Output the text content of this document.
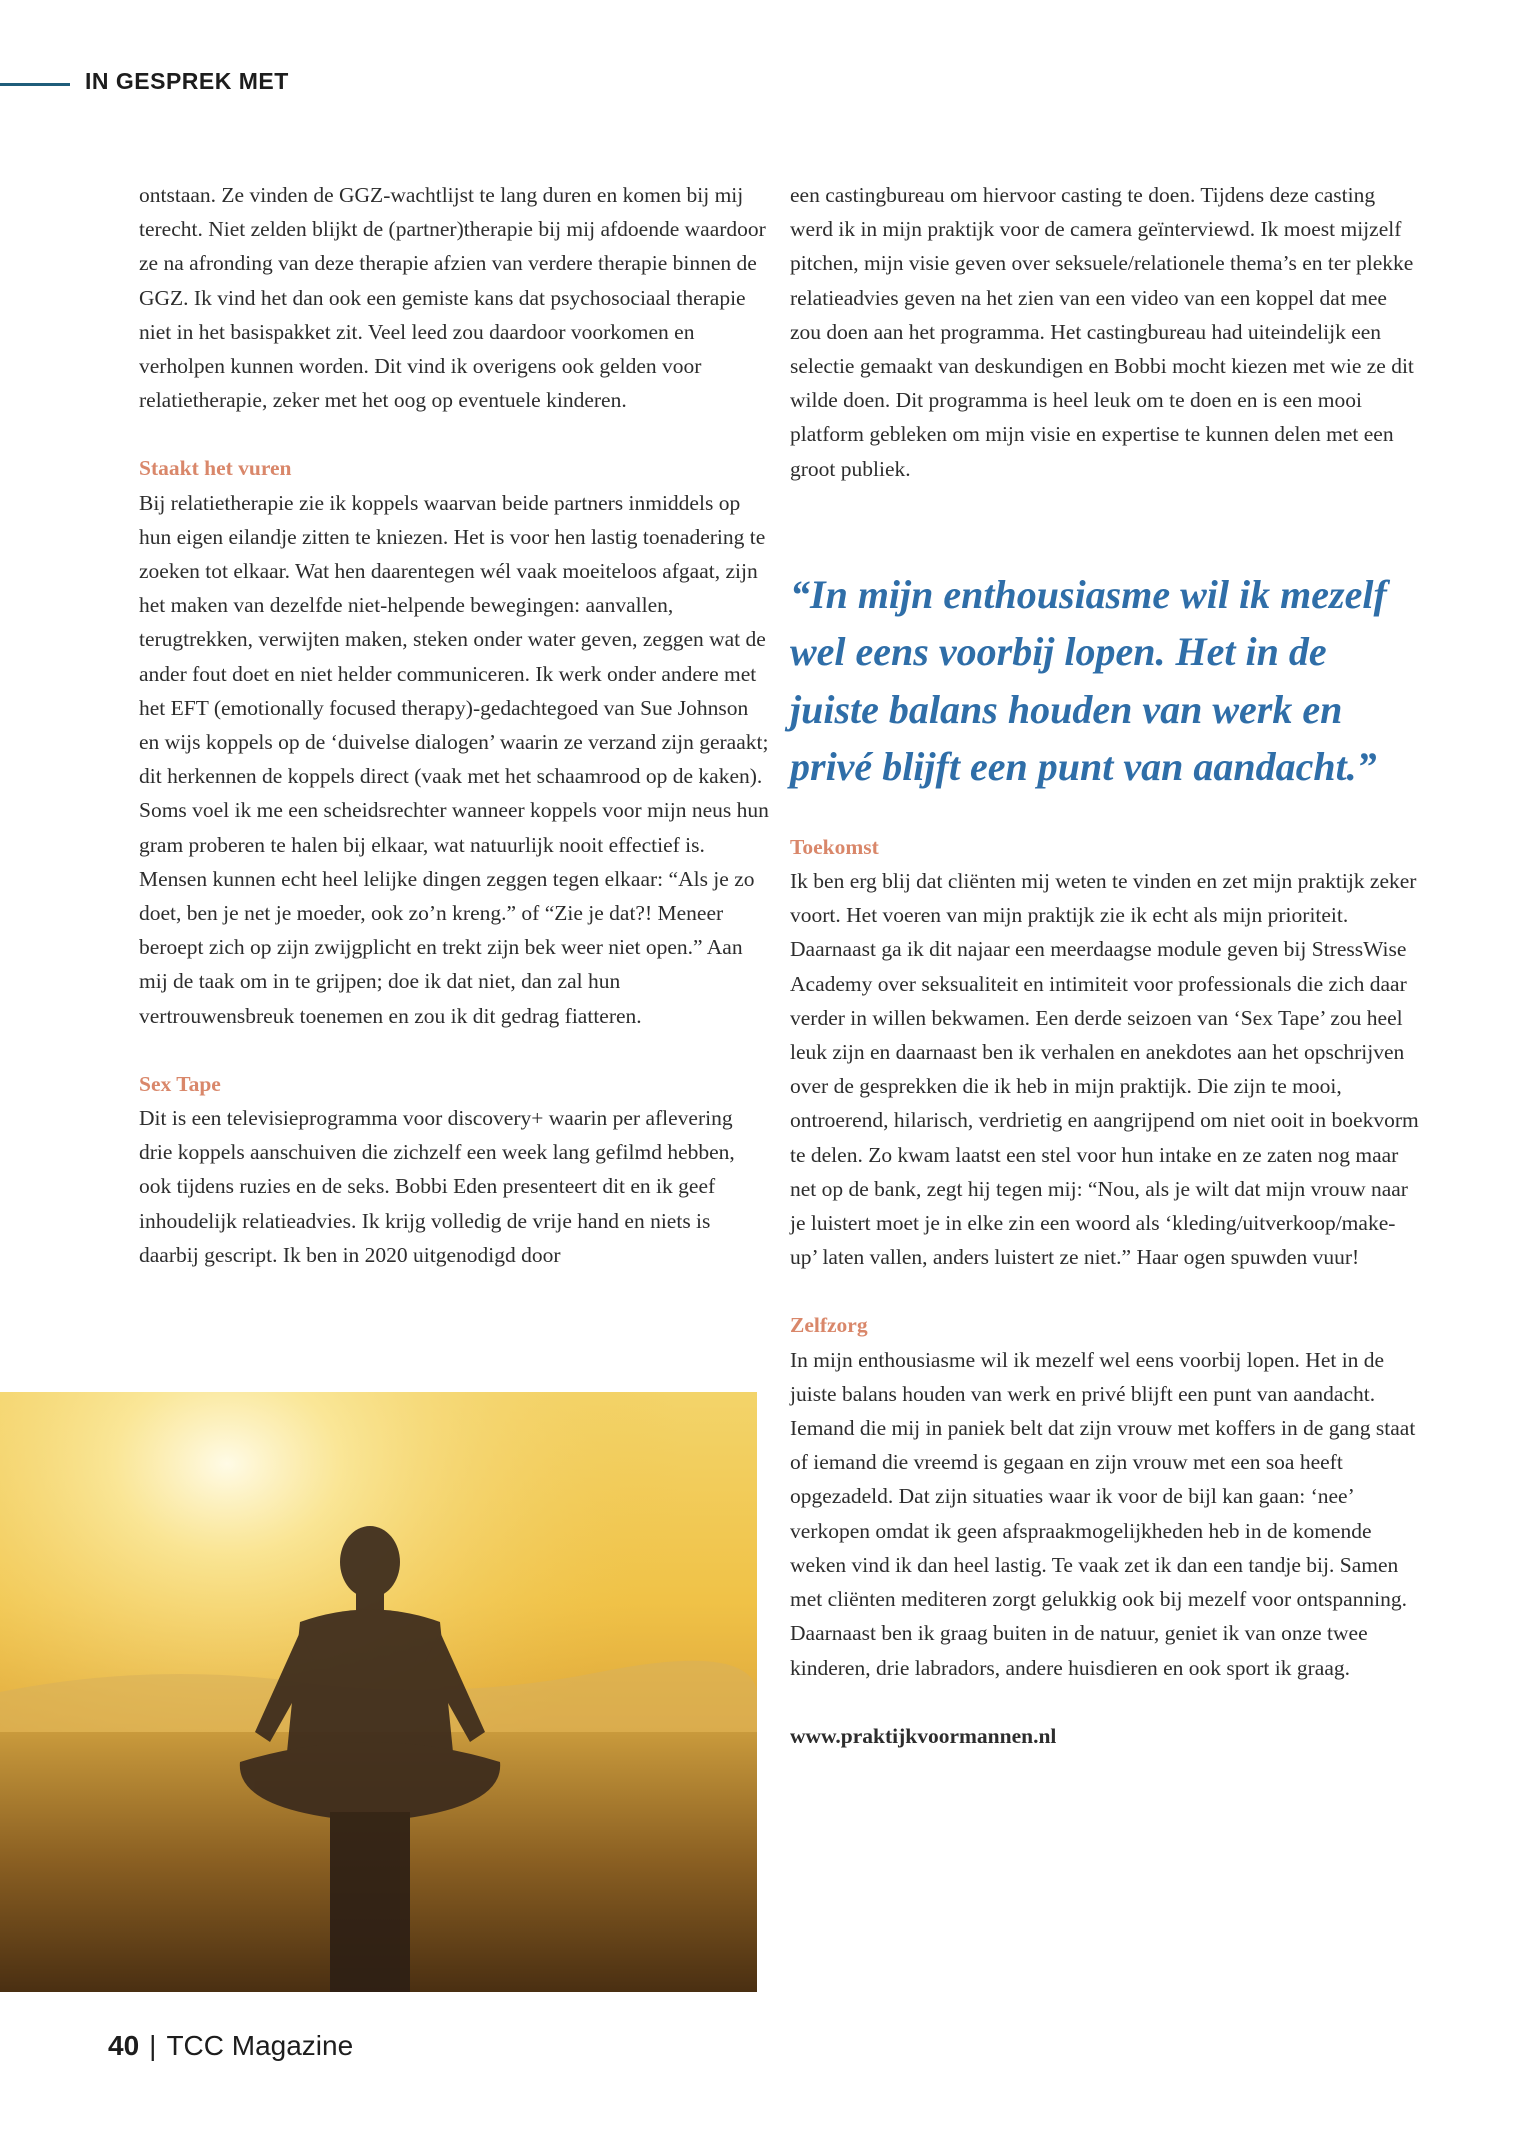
IN GESPREK MET

ontstaan. Ze vinden de GGZ-wachtlijst te lang duren en komen bij mij terecht. Niet zelden blijkt de (partner)therapie bij mij afdoende waardoor ze na afronding van deze therapie afzien van verdere therapie binnen de GGZ. Ik vind het dan ook een gemiste kans dat psychosociaal therapie niet in het basispakket zit. Veel leed zou daardoor voorkomen en verholpen kunnen worden. Dit vind ik overigens ook gelden voor relatietherapie, zeker met het oog op eventuele kinderen.

Staakt het vuren

Bij relatietherapie zie ik koppels waarvan beide partners inmiddels op hun eigen eilandje zitten te kniezen. Het is voor hen lastig toenadering te zoeken tot elkaar. Wat hen daarentegen wél vaak moeiteloos afgaat, zijn het maken van dezelfde niet-helpende bewegingen: aanvallen, terugtrekken, verwijten maken, steken onder water geven, zeggen wat de ander fout doet en niet helder communiceren. Ik werk onder andere met het EFT (emotionally focused therapy)-gedachtegoed van Sue Johnson en wijs koppels op de ‘duivelse dialogen’ waarin ze verzand zijn geraakt; dit herkennen de koppels direct (vaak met het schaamrood op de kaken). Soms voel ik me een scheidsrechter wanneer koppels voor mijn neus hun gram proberen te halen bij elkaar, wat natuurlijk nooit effectief is. Mensen kunnen echt heel lelijke dingen zeggen tegen elkaar: “Als je zo doet, ben je net je moeder, ook zo’n kreng.” of “Zie je dat?! Meneer beroept zich op zijn zwijgplicht en trekt zijn bek weer niet open.” Aan mij de taak om in te grijpen; doe ik dat niet, dan zal hun vertrouwensbreuk toenemen en zou ik dit gedrag fiatteren.

Sex Tape

Dit is een televisieprogramma voor discovery+ waarin per aflevering drie koppels aanschuiven die zichzelf een week lang gefilmd hebben, ook tijdens ruzies en de seks. Bobbi Eden presenteert dit en ik geef inhoudelijk relatieadvies. Ik krijg volledig de vrije hand en niets is daarbij gescript. Ik ben in 2020 uitgenodigd door

een castingbureau om hiervoor casting te doen. Tijdens deze casting werd ik in mijn praktijk voor de camera geïnterviewd. Ik moest mijzelf pitchen, mijn visie geven over seksuele/relationele thema’s en ter plekke relatieadvies geven na het zien van een video van een koppel dat mee zou doen aan het programma. Het castingbureau had uiteindelijk een selectie gemaakt van deskundigen en Bobbi mocht kiezen met wie ze dit wilde doen. Dit programma is heel leuk om te doen en is een mooi platform gebleken om mijn visie en expertise te kunnen delen met een groot publiek.

“In mijn enthousiasme wil ik mezelf wel eens voorbij lopen. Het in de juiste balans houden van werk en privé blijft een punt van aandacht.”

Toekomst

Ik ben erg blij dat cliënten mij weten te vinden en zet mijn praktijk zeker voort. Het voeren van mijn praktijk zie ik echt als mijn prioriteit. Daarnaast ga ik dit najaar een meerdaagse module geven bij StressWise Academy over seksualiteit en intimiteit voor professionals die zich daar verder in willen bekwamen. Een derde seizoen van ‘Sex Tape’ zou heel leuk zijn en daarnaast ben ik verhalen en anekdotes aan het opschrijven over de gesprekken die ik heb in mijn praktijk. Die zijn te mooi, ontroerend, hilarisch, verdrietig en aangrijpend om niet ooit in boekvorm te delen. Zo kwam laatst een stel voor hun intake en ze zaten nog maar net op de bank, zegt hij tegen mij: “Nou, als je wilt dat mijn vrouw naar je luistert moet je in elke zin een woord als ‘kleding/uitverkoop/make-up’ laten vallen, anders luistert ze niet.” Haar ogen spuwden vuur!

Zelfzorg

In mijn enthousiasme wil ik mezelf wel eens voorbij lopen. Het in de juiste balans houden van werk en privé blijft een punt van aandacht. Iemand die mij in paniek belt dat zijn vrouw met koffers in de gang staat of iemand die vreemd is gegaan en zijn vrouw met een soa heeft opgezadeld. Dat zijn situaties waar ik voor de bijl kan gaan: ‘nee’ verkopen omdat ik geen afspraakmogelijkheden heb in de komende weken vind ik dan heel lastig. Te vaak zet ik dan een tandje bij. Samen met cliënten mediteren zorgt gelukkig ook bij mezelf voor ontspanning. Daarnaast ben ik graag buiten in de natuur, geniet ik van onze twee kinderen, drie labradors, andere huisdieren en ook sport ik graag.

www.praktijkvoormannen.nl

40 | TCC Magazine
